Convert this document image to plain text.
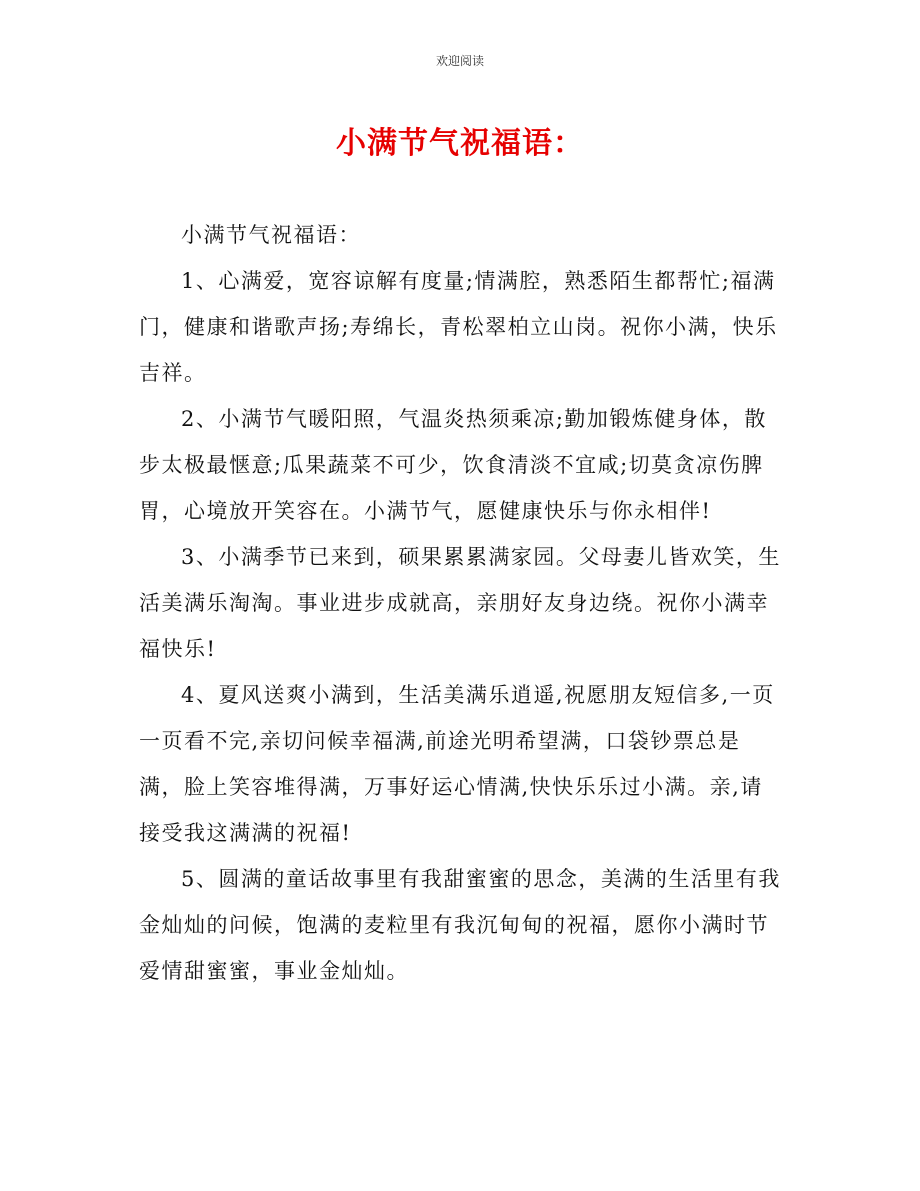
欢迎阅读
小满节气祝福语：

小满节气祝福语：

1、心满爱，宽容谅解有度量;情满腔，熟悉陌生都帮忙;福满门，健康和谐歌声扬;寿绵长，青松翠柏立山岗。祝你小满，快乐吉祥。

2、小满节气暖阳照，气温炎热须乘凉;勤加锻炼健身体，散步太极最惬意;瓜果蔬菜不可少，饮食清淡不宜咸;切莫贪凉伤脾胃，心境放开笑容在。小满节气，愿健康快乐与你永相伴!

3、小满季节已来到，硕果累累满家园。父母妻儿皆欢笑，生活美满乐淘淘。事业进步成就高，亲朋好友身边绕。祝你小满幸福快乐!

4、夏风送爽小满到，生活美满乐逍遥,祝愿朋友短信多,一页一页看不完,亲切问候幸福满,前途光明希望满，口袋钞票总是满，脸上笑容堆得满，万事好运心情满,快快乐乐过小满。亲,请接受我这满满的祝福!

5、圆满的童话故事里有我甜蜜蜜的思念，美满的生活里有我金灿灿的问候，饱满的麦粒里有我沉甸甸的祝福，愿你小满时节爱情甜蜜蜜，事业金灿灿。
